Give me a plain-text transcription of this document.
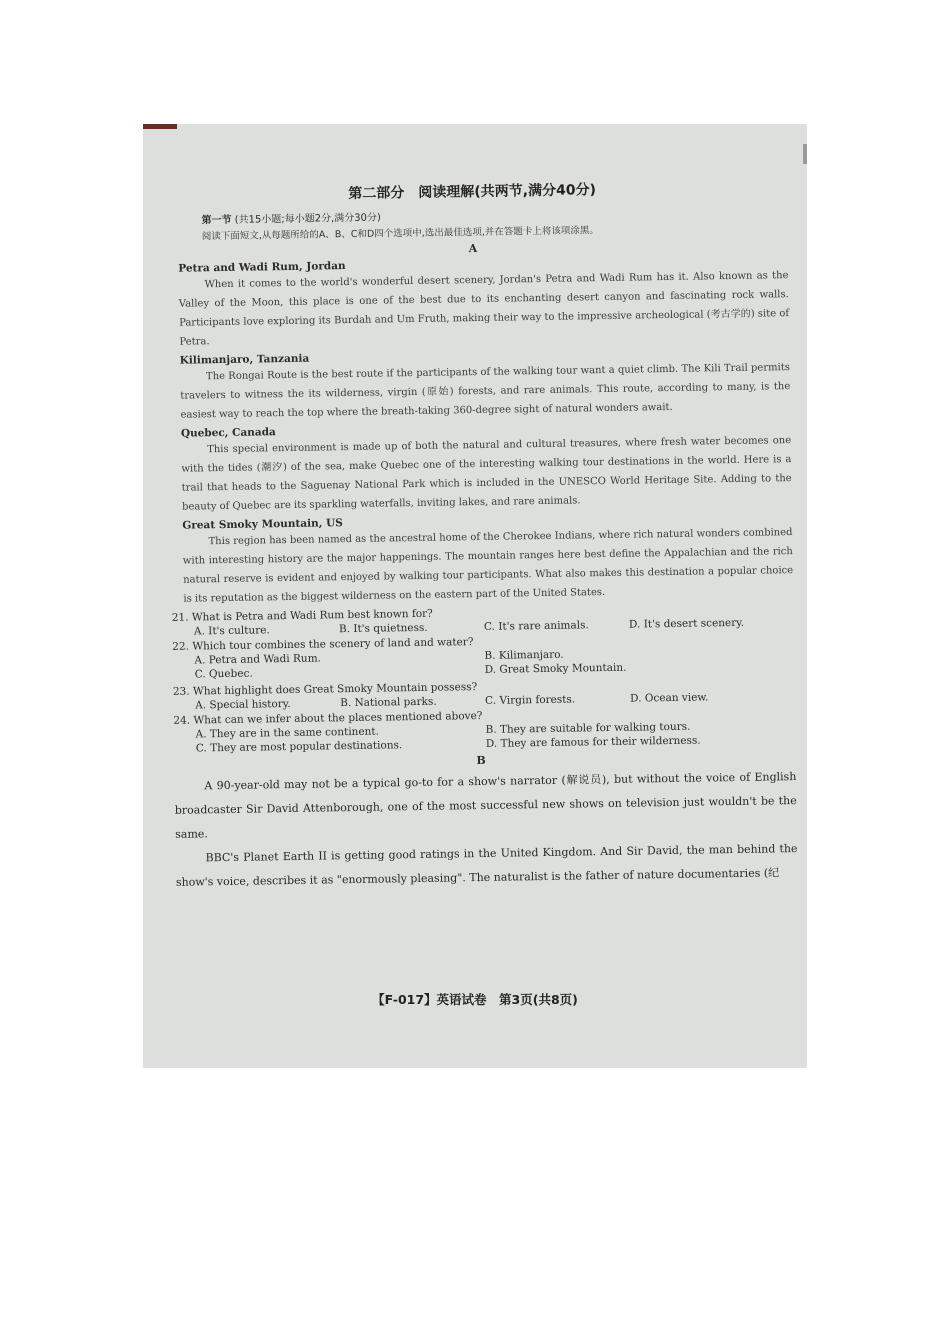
第二部分　阅读理解(共两节,满分40分)
第一节 (共15小题;每小题2分,满分30分)
阅读下面短文,从每题所给的A、B、C和D四个选项中,选出最佳选项,并在答题卡上将该项涂黑。
A
Petra and Wadi Rum, Jordan
When it comes to the world's wonderful desert scenery, Jordan's Petra and Wadi Rum has it. Also known as the Valley of the Moon, this place is one of the best due to its enchanting desert canyon and fascinating rock walls. Participants love exploring its Burdah and Um Fruth, making their way to the impressive archeological (考古学的) site of Petra.
Kilimanjaro, Tanzania
The Rongai Route is the best route if the participants of the walking tour want a quiet climb. The Kili Trail permits travelers to witness the its wilderness, virgin (原始) forests, and rare animals. This route, according to many, is the easiest way to reach the top where the breath-taking 360-degree sight of natural wonders await.
Quebec, Canada
This special environment is made up of both the natural and cultural treasures, where fresh water becomes one with the tides (潮汐) of the sea, make Quebec one of the interesting walking tour destinations in the world. Here is a trail that heads to the Saguenay National Park which is included in the UNESCO World Heritage Site. Adding to the beauty of Quebec are its sparkling waterfalls, inviting lakes, and rare animals.
Great Smoky Mountain, US
This region has been named as the ancestral home of the Cherokee Indians, where rich natural wonders combined with interesting history are the major happenings. The mountain ranges here best define the Appalachian and the rich natural reserve is evident and enjoyed by walking tour participants. What also makes this destination a popular choice is its reputation as the biggest wilderness on the eastern part of the United States.
21. What is Petra and Wadi Rum best known for?
A. It's culture.	B. It's quietness.	C. It's rare animals.	D. It's desert scenery.
22. Which tour combines the scenery of land and water?
A. Petra and Wadi Rum.	B. Kilimanjaro.
C. Quebec.	D. Great Smoky Mountain.
23. What highlight does Great Smoky Mountain possess?
A. Special history.	B. National parks.	C. Virgin forests.	D. Ocean view.
24. What can we infer about the places mentioned above?
A. They are in the same continent.	B. They are suitable for walking tours.
C. They are most popular destinations.	D. They are famous for their wilderness.
B
A 90-year-old may not be a typical go-to for a show's narrator (解说员), but without the voice of English broadcaster Sir David Attenborough, one of the most successful new shows on television just wouldn't be the same.
BBC's Planet Earth II is getting good ratings in the United Kingdom. And Sir David, the man behind the show's voice, describes it as "enormously pleasing". The naturalist is the father of nature documentaries (纪
【F-017】英语试卷　第3页(共8页)
